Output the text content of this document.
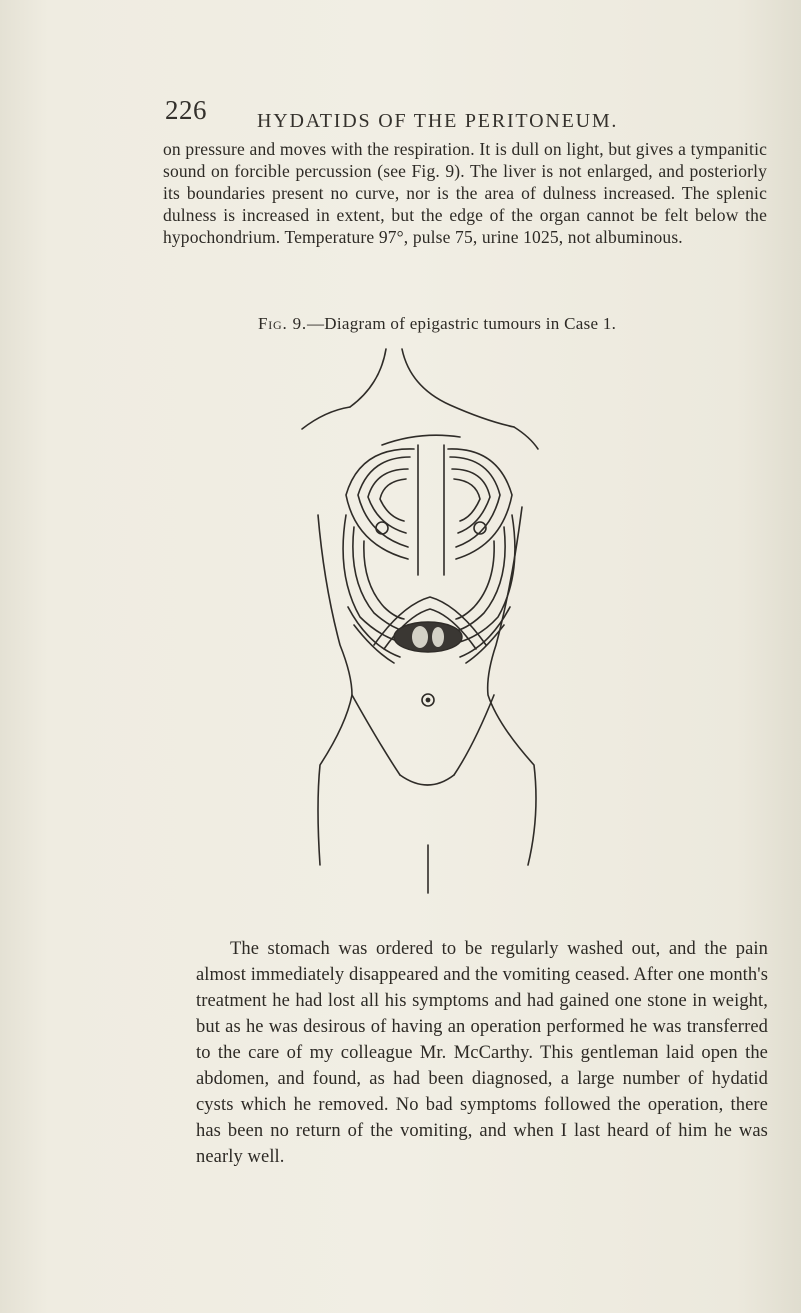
226	HYDATIDS OF THE PERITONEUM.

on pressure and moves with the respiration. It is dull on light, but gives a tympanitic sound on forcible percussion (see Fig. 9). The liver is not enlarged, and posteriorly its boundaries present no curve, nor is the area of dulness increased. The splenic dulness is increased in extent, but the edge of the organ cannot be felt below the hypochondrium. Temperature 97°, pulse 75, urine 1025, not albuminous.

Fig. 9.—Diagram of epigastric tumours in Case 1.

The stomach was ordered to be regularly washed out, and the pain almost immediately disappeared and the vomiting ceased. After one month's treatment he had lost all his symptoms and had gained one stone in weight, but as he was desirous of having an operation performed he was transferred to the care of my colleague Mr. McCarthy. This gentleman laid open the abdomen, and found, as had been diagnosed, a large number of hydatid cysts which he removed. No bad symptoms followed the operation, there has been no return of the vomiting, and when I last heard of him he was nearly well.
